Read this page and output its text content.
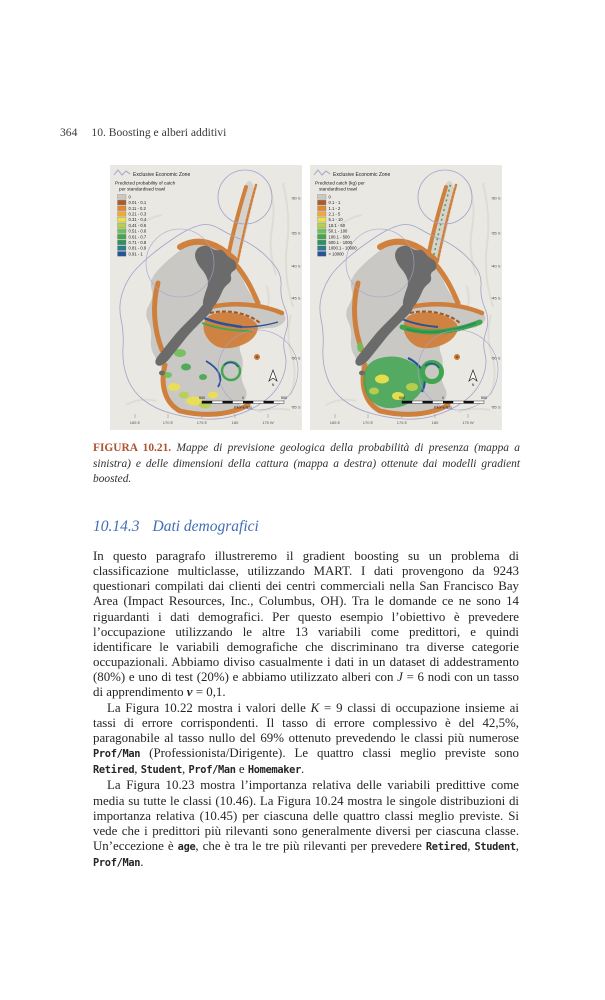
364 10. Boosting e alberi additivi
Exclusive Economic Zone
Predicted probability of catch
per standardised trawl
0
0.01 - 0.1
0.11 - 0.2
0.21 - 0.3
0.31 - 0.4
0.41 - 0.5
0.51 - 0.6
0.61 - 0.7
0.71 - 0.8
0.81 - 0.9
0.91 - 1
30 S
35 S
40 S
45 S
50 S
55 S
165 E	170 E	175 E	180	175 W
500	0	500
Kilometers
N
Exclusive Economic Zone
Predicted catch (kg) per
standardised trawl
0
0.1 - 1
1.1 - 2
2.1 - 5
5.1 - 10
10.1 - 50
50.1 - 100
100.1 - 500
500.1 - 1000
1000.1 - 10000
> 10000
30 S
35 S
40 S
45 S
50 S
55 S
165 E	170 E	175 E	180	175 W
500	0	500
Kilometers
N

FIGURA 10.21. Mappe di previsione geologica della probabilità di presenza (mappa a sinistra) e delle dimensioni della cattura (mappa a destra) ottenute dai modelli gradient boosted.

10.14.3 Dati demografici

In questo paragrafo illustreremo il gradient boosting su un problema di classificazione multiclasse, utilizzando MART. I dati provengono da 9243 questionari compilati dai clienti dei centri commerciali nella San Francisco Bay Area (Impact Resources, Inc., Columbus, OH). Tra le domande ce ne sono 14 riguardanti i dati demografici. Per questo esempio l’obiettivo è prevedere l’occupazione utilizzando le altre 13 variabili come predittori, e quindi identificare le variabili demografiche che discriminano tra diverse categorie occupazionali. Abbiamo diviso casualmente i dati in un dataset di addestramento (80%) e uno di test (20%) e abbiamo utilizzato alberi con J = 6 nodi con un tasso di apprendimento ν = 0,1.

La Figura 10.22 mostra i valori delle K = 9 classi di occupazione insieme ai tassi di errore corrispondenti. Il tasso di errore complessivo è del 42,5%, paragonabile al tasso nullo del 69% ottenuto prevedendo le classi più numerose Prof/Man (Professionista/Dirigente). Le quattro classi meglio previste sono Retired, Student, Prof/Man e Homemaker.

La Figura 10.23 mostra l’importanza relativa delle variabili predittive come media su tutte le classi (10.46). La Figura 10.24 mostra le singole distribuzioni di importanza relativa (10.45) per ciascuna delle quattro classi meglio previste. Si vede che i predittori più rilevanti sono generalmente diversi per ciascuna classe. Un’eccezione è age, che è tra le tre più rilevanti per prevedere Retired, Student, Prof/Man.
